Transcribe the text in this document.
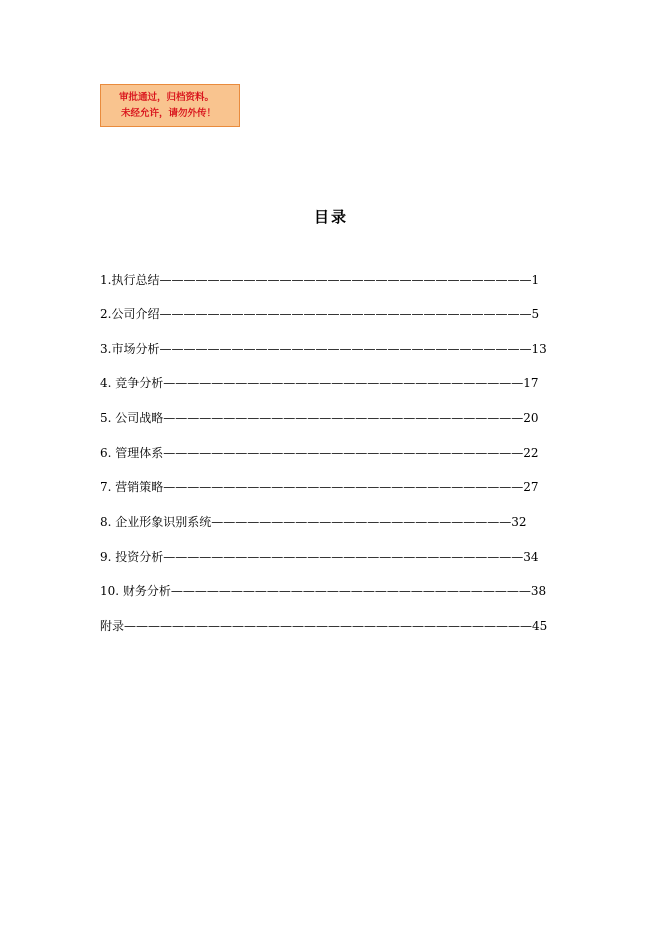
审批通过，归档资料。
未经允许，请勿外传！
目录
1.执行总结———————————————————————————————1
2.公司介绍———————————————————————————————5
3.市场分析———————————————————————————————13
4. 竞争分析——————————————————————————————17
5. 公司战略——————————————————————————————20
6. 管理体系——————————————————————————————22
7. 营销策略——————————————————————————————27
8. 企业形象识别系统—————————————————————————32
9. 投资分析——————————————————————————————34
10. 财务分析——————————————————————————————38
附录——————————————————————————————————45
